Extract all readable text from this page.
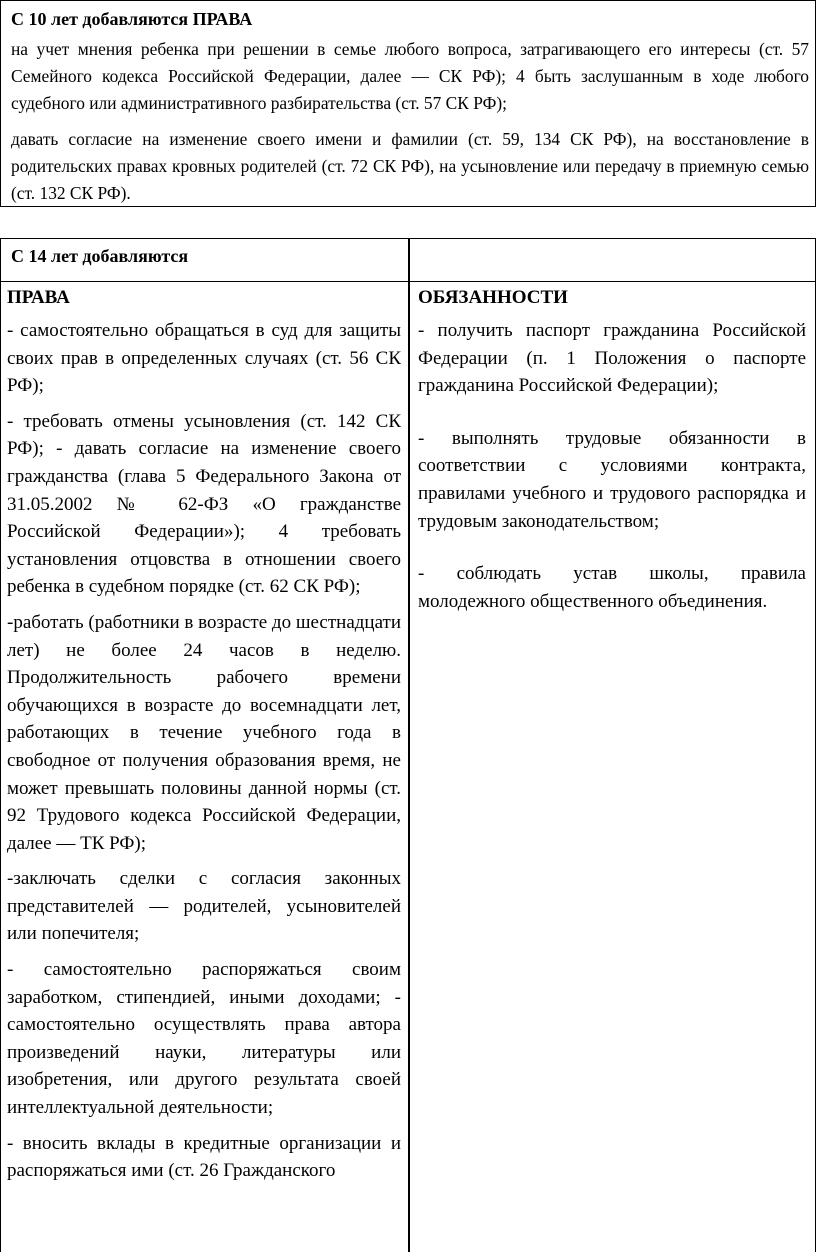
С 10 лет добавляются ПРАВА

на учет мнения ребенка при решении в семье любого вопроса, затрагивающего его интересы (ст. 57 Семейного кодекса Российской Федерации, далее — СК РФ); 4 быть заслушанным в ходе любого судебного или административного разбирательства (ст. 57 СК РФ);

давать согласие на изменение своего имени и фамилии (ст. 59, 134 СК РФ), на восстановление в родительских правах кровных родителей (ст. 72 СК РФ), на усыновление или передачу в приемную семью (ст. 132 СК РФ).

С 14 лет добавляются
ПРАВА

- самостоятельно обращаться в суд для защиты своих прав в определенных случаях (ст. 56 СК РФ);

- требовать отмены усыновления (ст. 142 СК РФ); - давать согласие на изменение своего гражданства (глава 5 Федерального Закона от 31.05.2002 № 62-ФЗ «О гражданстве Российской Федерации»); 4 требовать установления отцовства в отношении своего ребенка в судебном порядке (ст. 62 СК РФ);

-работать (работники в возрасте до шестнадцати лет) не более 24 часов в неделю. Продолжительность рабочего времени обучающихся в возрасте до восемнадцати лет, работающих в течение учебного года в свободное от получения образования время, не может превышать половины данной нормы (ст. 92 Трудового кодекса Российской Федерации, далее — ТК РФ);

-заключать сделки с согласия законных представителей — родителей, усыновителей или попечителя;

- самостоятельно распоряжаться своим заработком, стипендией, иными доходами; - самостоятельно осуществлять права автора произведений науки, литературы или изобретения, или другого результата своей интеллектуальной деятельности;

- вносить вклады в кредитные организации и распоряжаться ими (ст. 26 Гражданского

ОБЯЗАННОСТИ

- получить паспорт гражданина Российской Федерации (п. 1 Положения о паспорте гражданина Российской Федерации);

- выполнять трудовые обязанности в соответствии с условиями контракта, правилами учебного и трудового распорядка и трудовым законодательством;

- соблюдать устав школы, правила молодежного общественного объединения.
